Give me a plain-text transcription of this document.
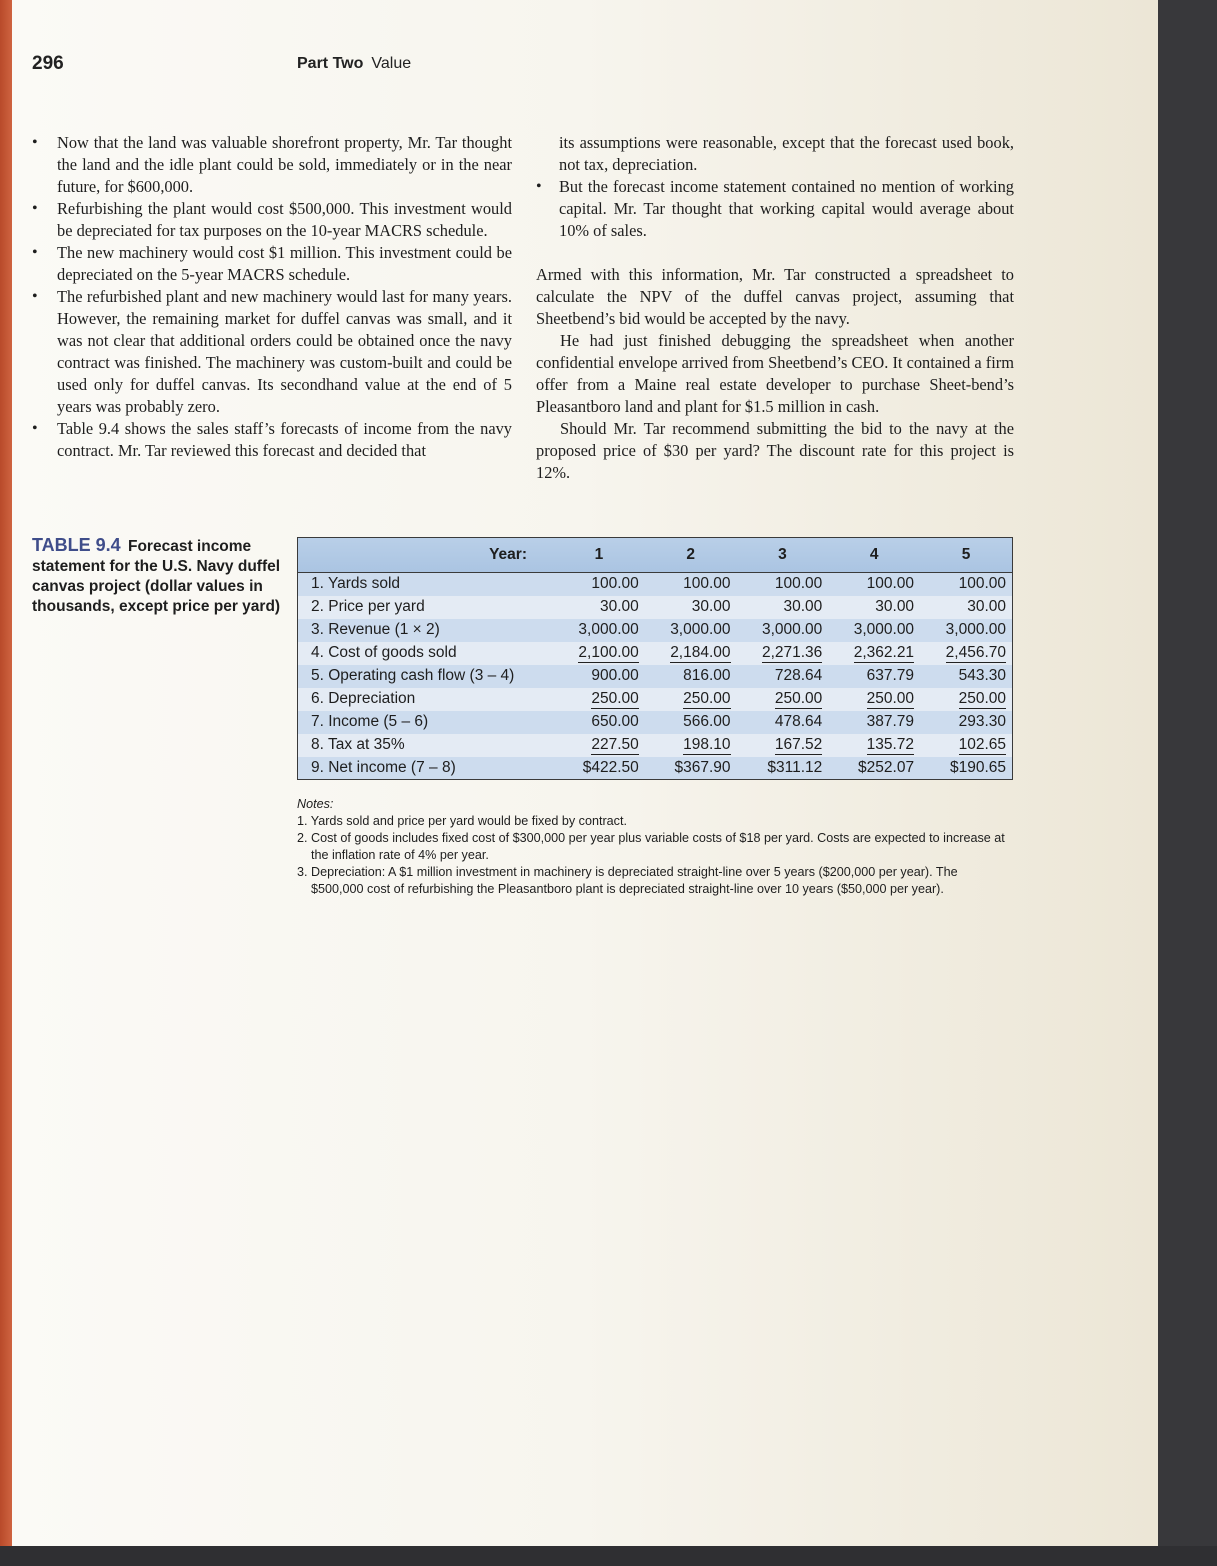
296	Part Two Value
• Now that the land was valuable shorefront property, Mr. Tar thought the land and the idle plant could be sold, immediately or in the near future, for $600,000.
• Refurbishing the plant would cost $500,000. This investment would be depreciated for tax purposes on the 10-year MACRS schedule.
• The new machinery would cost $1 million. This investment could be depreciated on the 5-year MACRS schedule.
• The refurbished plant and new machinery would last for many years. However, the remaining market for duffel canvas was small, and it was not clear that additional orders could be obtained once the navy contract was finished. The machinery was custom-built and could be used only for duffel canvas. Its secondhand value at the end of 5 years was probably zero.
• Table 9.4 shows the sales staff’s forecasts of income from the navy contract. Mr. Tar reviewed this forecast and decided that
its assumptions were reasonable, except that the forecast used book, not tax, depreciation.
• But the forecast income statement contained no mention of working capital. Mr. Tar thought that working capital would average about 10% of sales.

Armed with this information, Mr. Tar constructed a spreadsheet to calculate the NPV of the duffel canvas project, assuming that Sheetbend’s bid would be accepted by the navy.

He had just finished debugging the spreadsheet when another confidential envelope arrived from Sheetbend’s CEO. It contained a firm offer from a Maine real estate developer to purchase Sheet-bend’s Pleasantboro land and plant for $1.5 million in cash.

Should Mr. Tar recommend submitting the bid to the navy at the proposed price of $30 per yard? The discount rate for this project is 12%.

TABLE 9.4 Forecast income statement for the U.S. Navy duffel canvas project (dollar values in thousands, except price per yard)
Year:	1	2	3	4	5
1. Yards sold	100.00	100.00	100.00	100.00	100.00
2. Price per yard	30.00	30.00	30.00	30.00	30.00
3. Revenue (1 × 2)	3,000.00	3,000.00	3,000.00	3,000.00	3,000.00
4. Cost of goods sold	2,100.00	2,184.00	2,271.36	2,362.21	2,456.70
5. Operating cash flow (3 – 4)	900.00	816.00	728.64	637.79	543.30
6. Depreciation	250.00	250.00	250.00	250.00	250.00
7. Income (5 – 6)	650.00	566.00	478.64	387.79	293.30
8. Tax at 35%	227.50	198.10	167.52	135.72	102.65
9. Net income (7 – 8)	$422.50	$367.90	$311.12	$252.07	$190.65
Notes:
1. Yards sold and price per yard would be fixed by contract.
2. Cost of goods includes fixed cost of $300,000 per year plus variable costs of $18 per yard. Costs are expected to increase at the inflation rate of 4% per year.
3. Depreciation: A $1 million investment in machinery is depreciated straight-line over 5 years ($200,000 per year). The $500,000 cost of refurbishing the Pleasantboro plant is depreciated straight-line over 10 years ($50,000 per year).
